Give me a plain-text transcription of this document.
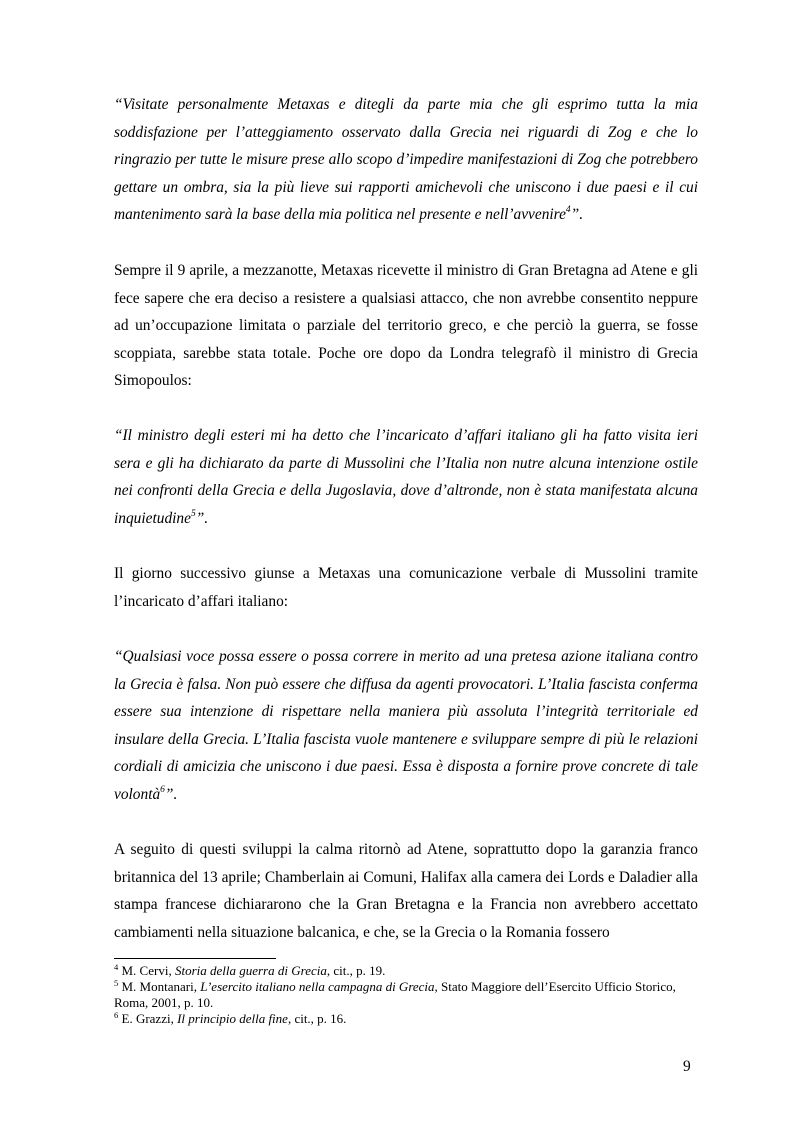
“Visitate personalmente Metaxas e ditegli da parte mia che gli esprimo tutta la mia soddisfazione per l’atteggiamento osservato dalla Grecia nei riguardi di Zog e che lo ringrazio per tutte le misure prese allo scopo d’impedire manifestazioni di Zog che potrebbero gettare un ombra, sia la più lieve sui rapporti amichevoli che uniscono i due paesi e il cui mantenimento sarà la base della mia politica nel presente e nell’avvenire$^4$”.

Sempre il 9 aprile, a mezzanotte, Metaxas ricevette il ministro di Gran Bretagna ad Atene e gli fece sapere che era deciso a resistere a qualsiasi attacco, che non avrebbe consentito neppure ad un’occupazione limitata o parziale del territorio greco, e che perciò la guerra, se fosse scoppiata, sarebbe stata totale. Poche ore dopo da Londra telegrafò il ministro di Grecia Simopoulos:

“Il ministro degli esteri mi ha detto che l’incaricato d’affari italiano gli ha fatto visita ieri sera e gli ha dichiarato da parte di Mussolini che l’Italia non nutre alcuna intenzione ostile nei confronti della Grecia e della Jugoslavia, dove d’altronde, non è stata manifestata alcuna inquietudine$^5$”.

Il giorno successivo giunse a Metaxas una comunicazione verbale di Mussolini tramite l’incaricato d’affari italiano:

“Qualsiasi voce possa essere o possa correre in merito ad una pretesa azione italiana contro la Grecia è falsa. Non può essere che diffusa da agenti provocatori. L’Italia fascista conferma essere sua intenzione di rispettare nella maniera più assoluta l’integrità territoriale ed insulare della Grecia. L’Italia fascista vuole mantenere e sviluppare sempre di più le relazioni cordiali di amicizia che uniscono i due paesi. Essa è disposta a fornire prove concrete di tale volontà$^6$”.

A seguito di questi sviluppi la calma ritornò ad Atene, soprattutto dopo la garanzia franco britannica del 13 aprile; Chamberlain ai Comuni, Halifax alla camera dei Lords e Daladier alla stampa francese dichiararono che la Gran Bretagna e la Francia non avrebbero accettato cambiamenti nella situazione balcanica, e che, se la Grecia o la Romania fossero

$^4$ M. Cervi, Storia della guerra di Grecia, cit., p. 19.

$^5$ M. Montanari, L’esercito italiano nella campagna di Grecia, Stato Maggiore dell’Esercito Ufficio Storico, Roma, 2001, p. 10.

$^6$ E. Grazzi, Il principio della fine, cit., p. 16.

9
